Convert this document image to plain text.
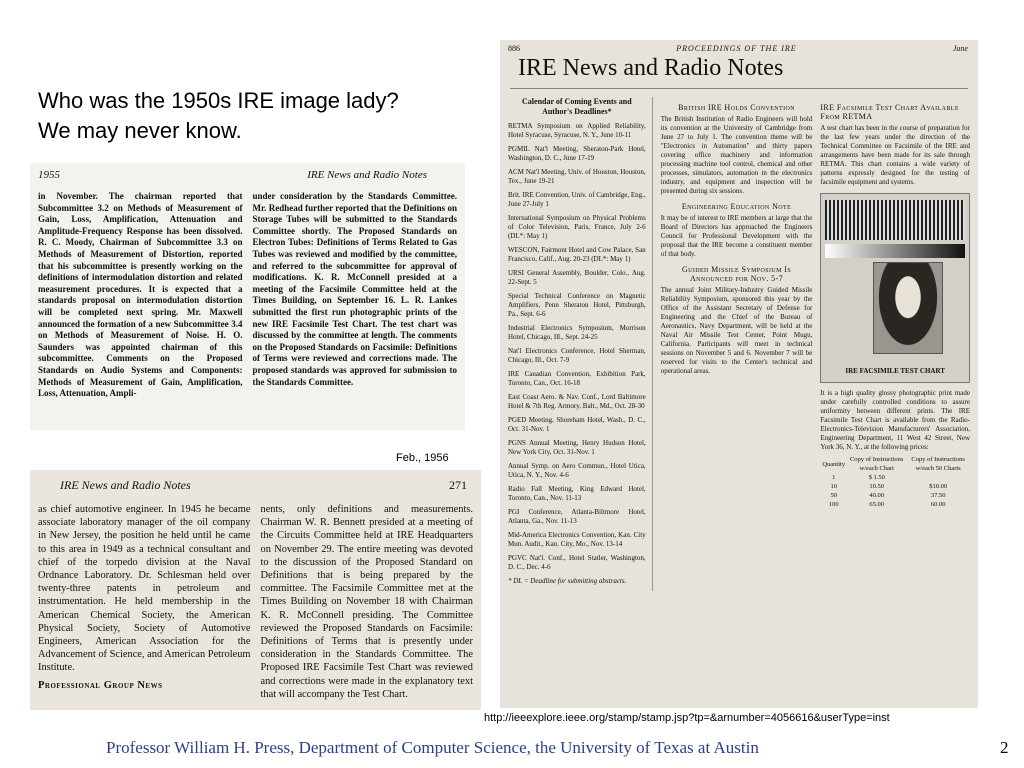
Who was the 1950s IRE image lady?
We may never know.
1955	IRE News and Radio Notes
in November. The chairman reported that Subcommittee 3.2 on Methods of Measurement of Gain, Loss, Amplification, Attenuation and Amplitude-Frequency Response has been dissolved. R. C. Moody, Chairman of Subcommittee 3.3 on Methods of Measurement of Distortion, reported that his subcommittee is presently working on the definitions of intermodulation distortion and related measurement procedures. It is expected that a standards proposal on intermodulation distortion will be completed next spring. Mr. Maxwell announced the formation of a new Subcommittee 3.4 on Methods of Measurement of Noise. H. O. Saunders was appointed chairman of this subcommittee. Comments on the Proposed Standards on Audio Systems and Components: Methods of Measurement of Gain, Amplification, Loss, Attenuation, Ampli-
under consideration by the Standards Committee. Mr. Redhead further reported that the Definitions on Storage Tubes will be submitted to the Standards Committee shortly. The Proposed Standards on Electron Tubes: Definitions of Terms Related to Gas Tubes was reviewed and modified by the committee, and referred to the subcommittee for approval of modifications. K. R. McConnell presided at a meeting of the Facsimile Committee held at the Times Building, on September 16. L. R. Lankes submitted the first run photographic prints of the new IRE Facsimile Test Chart. The test chart was discussed by the committee at length. The comments on the Proposed Standards on Facsimile: Definitions of Terms were reviewed and corrections made. The proposed standards was approved for submission to the Standards Committee.
Feb., 1956
IRE News and Radio Notes	271
as chief automotive engineer. In 1945 he became associate laboratory manager of the oil company in New Jersey, the position he held until he came to this area in 1949 as a technical consultant and chief of the torpedo division at the Naval Ordnance Laboratory. Dr. Schlesman held over twenty-three patents in petroleum and instrumentation. He held membership in the American Chemical Society, the American Physical Society, Society of Automotive Engineers, American Association for the Advancement of Science, and American Petroleum Institute.
Professional Group News
nents, only definitions and measurements. Chairman W. R. Bennett presided at a meeting of the Circuits Committee held at IRE Headquarters on November 29. The entire meeting was devoted to the discussion of the Proposed Standard on Definitions that is being prepared by the committee. The Facsimile Committee met at the Times Building on November 18 with Chairman K. R. McConnell presiding. The Committee reviewed the Proposed Standards on Facsimile: Definitions of Terms that is presently under consideration in the Standards Committee. The Proposed IRE Facsimile Test Chart was reviewed and corrections were made in the explanatory text that will accompany the Test Chart.
886	PROCEEDINGS OF THE IRE	June
IRE News and Radio Notes
Calendar of Coming Events and Author's Deadlines*
RETMA Symposium on Applied Reliability, Hotel Syracuse, Syracuse, N. Y., June 10-11
PGMIL Nat'l Meeting, Sheraton-Park Hotel, Washington, D. C., June 17-19
ACM Nat'l Meeting, Univ. of Houston, Houston, Tex., June 19-21
Brit. IRE Convention, Univ. of Cambridge, Eng., June 27-July 1
International Symposium on Physical Problems of Color Television, Paris, France, July 2-6 (DL*: May 1)
WESCON, Fairmont Hotel and Cow Palace, San Francisco, Calif., Aug. 20-23 (DL*: May 1)
URSI General Assembly, Boulder, Colo., Aug. 22-Sept. 5
Special Technical Conference on Magnetic Amplifiers, Penn Sheraton Hotel, Pittsburgh, Pa., Sept. 6-6
Industrial Electronics Symposium, Morrison Hotel, Chicago, Ill., Sept. 24-25
Nat'l Electronics Conference, Hotel Sherman, Chicago, Ill., Oct. 7-9
IRE Canadian Convention, Exhibition Park, Toronto, Can., Oct. 16-18
East Coast Aero. & Nav. Conf., Lord Baltimore Hotel & 7th Reg. Armory, Balt., Md., Oct. 28-30
PGED Meeting, Shoreham Hotel, Wash., D. C., Oct. 31-Nov. 1
PGNS Annual Meeting, Henry Hudson Hotel, New York City, Oct. 31-Nov. 1
Annual Symp. on Aero Commun., Hotel Utica, Utica, N. Y., Nov. 4-6
Radio Fall Meeting, King Edward Hotel, Toronto, Can., Nov. 11-13
PGI Conference, Atlanta-Biltmore Hotel, Atlanta, Ga., Nov. 11-13
Mid-America Electronics Convention, Kan. City Mun. Audit., Kan. City, Mo., Nov. 13-14
PGVC Nat'l. Conf., Hotel Statler, Washington, D. C., Dec. 4-6
* DL = Deadline for submitting abstracts.
British IRE Holds Convention
The British Institution of Radio Engineers will hold its convention at the University of Cambridge from June 27 to July 1. The convention theme will be "Electronics in Automation" and thirty papers covering office machinery and information processing machine tool control, chemical and other processes, simulators, automation in the electronics industry, and equipment and inspection will be presented during six sessions.
Engineering Education Note
It may be of interest to IRE members at large that the Board of Directors has approached the Engineers Council for Professional Development with the proposal that the IRE become a constituent member of that body.
Guided Missile Symposium Is Announced for Nov. 5-7
The annual Joint Military-Industry Guided Missile Reliability Symposium, sponsored this year by the Office of the Assistant Secretary of Defense for Engineering and the Chief of the Bureau of Aeronautics, Navy Department, will be held at the Naval Air Missile Test Center, Point Mugu, California. Participants will meet in technical sessions on November 5 and 6. November 7 will be reserved for visits to the Center's technical and operational areas.
IRE Facsimile Test Chart Available From RETMA
A test chart has been in the course of preparation for the last few years under the direction of the Technical Committee on Facsimile of the IRE and arrangements have been made for its sale through RETMA. This chart contains a wide variety of patterns expressly designed for the testing of facsimile equipment and systems.
IRE FACSIMILE TEST CHART
It is a high quality glossy photographic print made under carefully controlled conditions to assure uniformity between different prints. The IRE Facsimile Test Chart is available from the Radio-Electronics-Television Manufacturers' Association, Engineering Department, 11 West 42 Street, New York 36, N. Y., at the following prices:
Quantity	Copy of Instructions w/each Chart	Copy of Instructions w/each 50 Charts
1	$ 1.50	
10	10.50	$10.00
50	40.00	37.50
100	65.00	60.00
http://ieeexplore.ieee.org/stamp/stamp.jsp?tp=&arnumber=4056616&userType=inst
Professor William H. Press, Department of Computer Science, the University of Texas at Austin	2
